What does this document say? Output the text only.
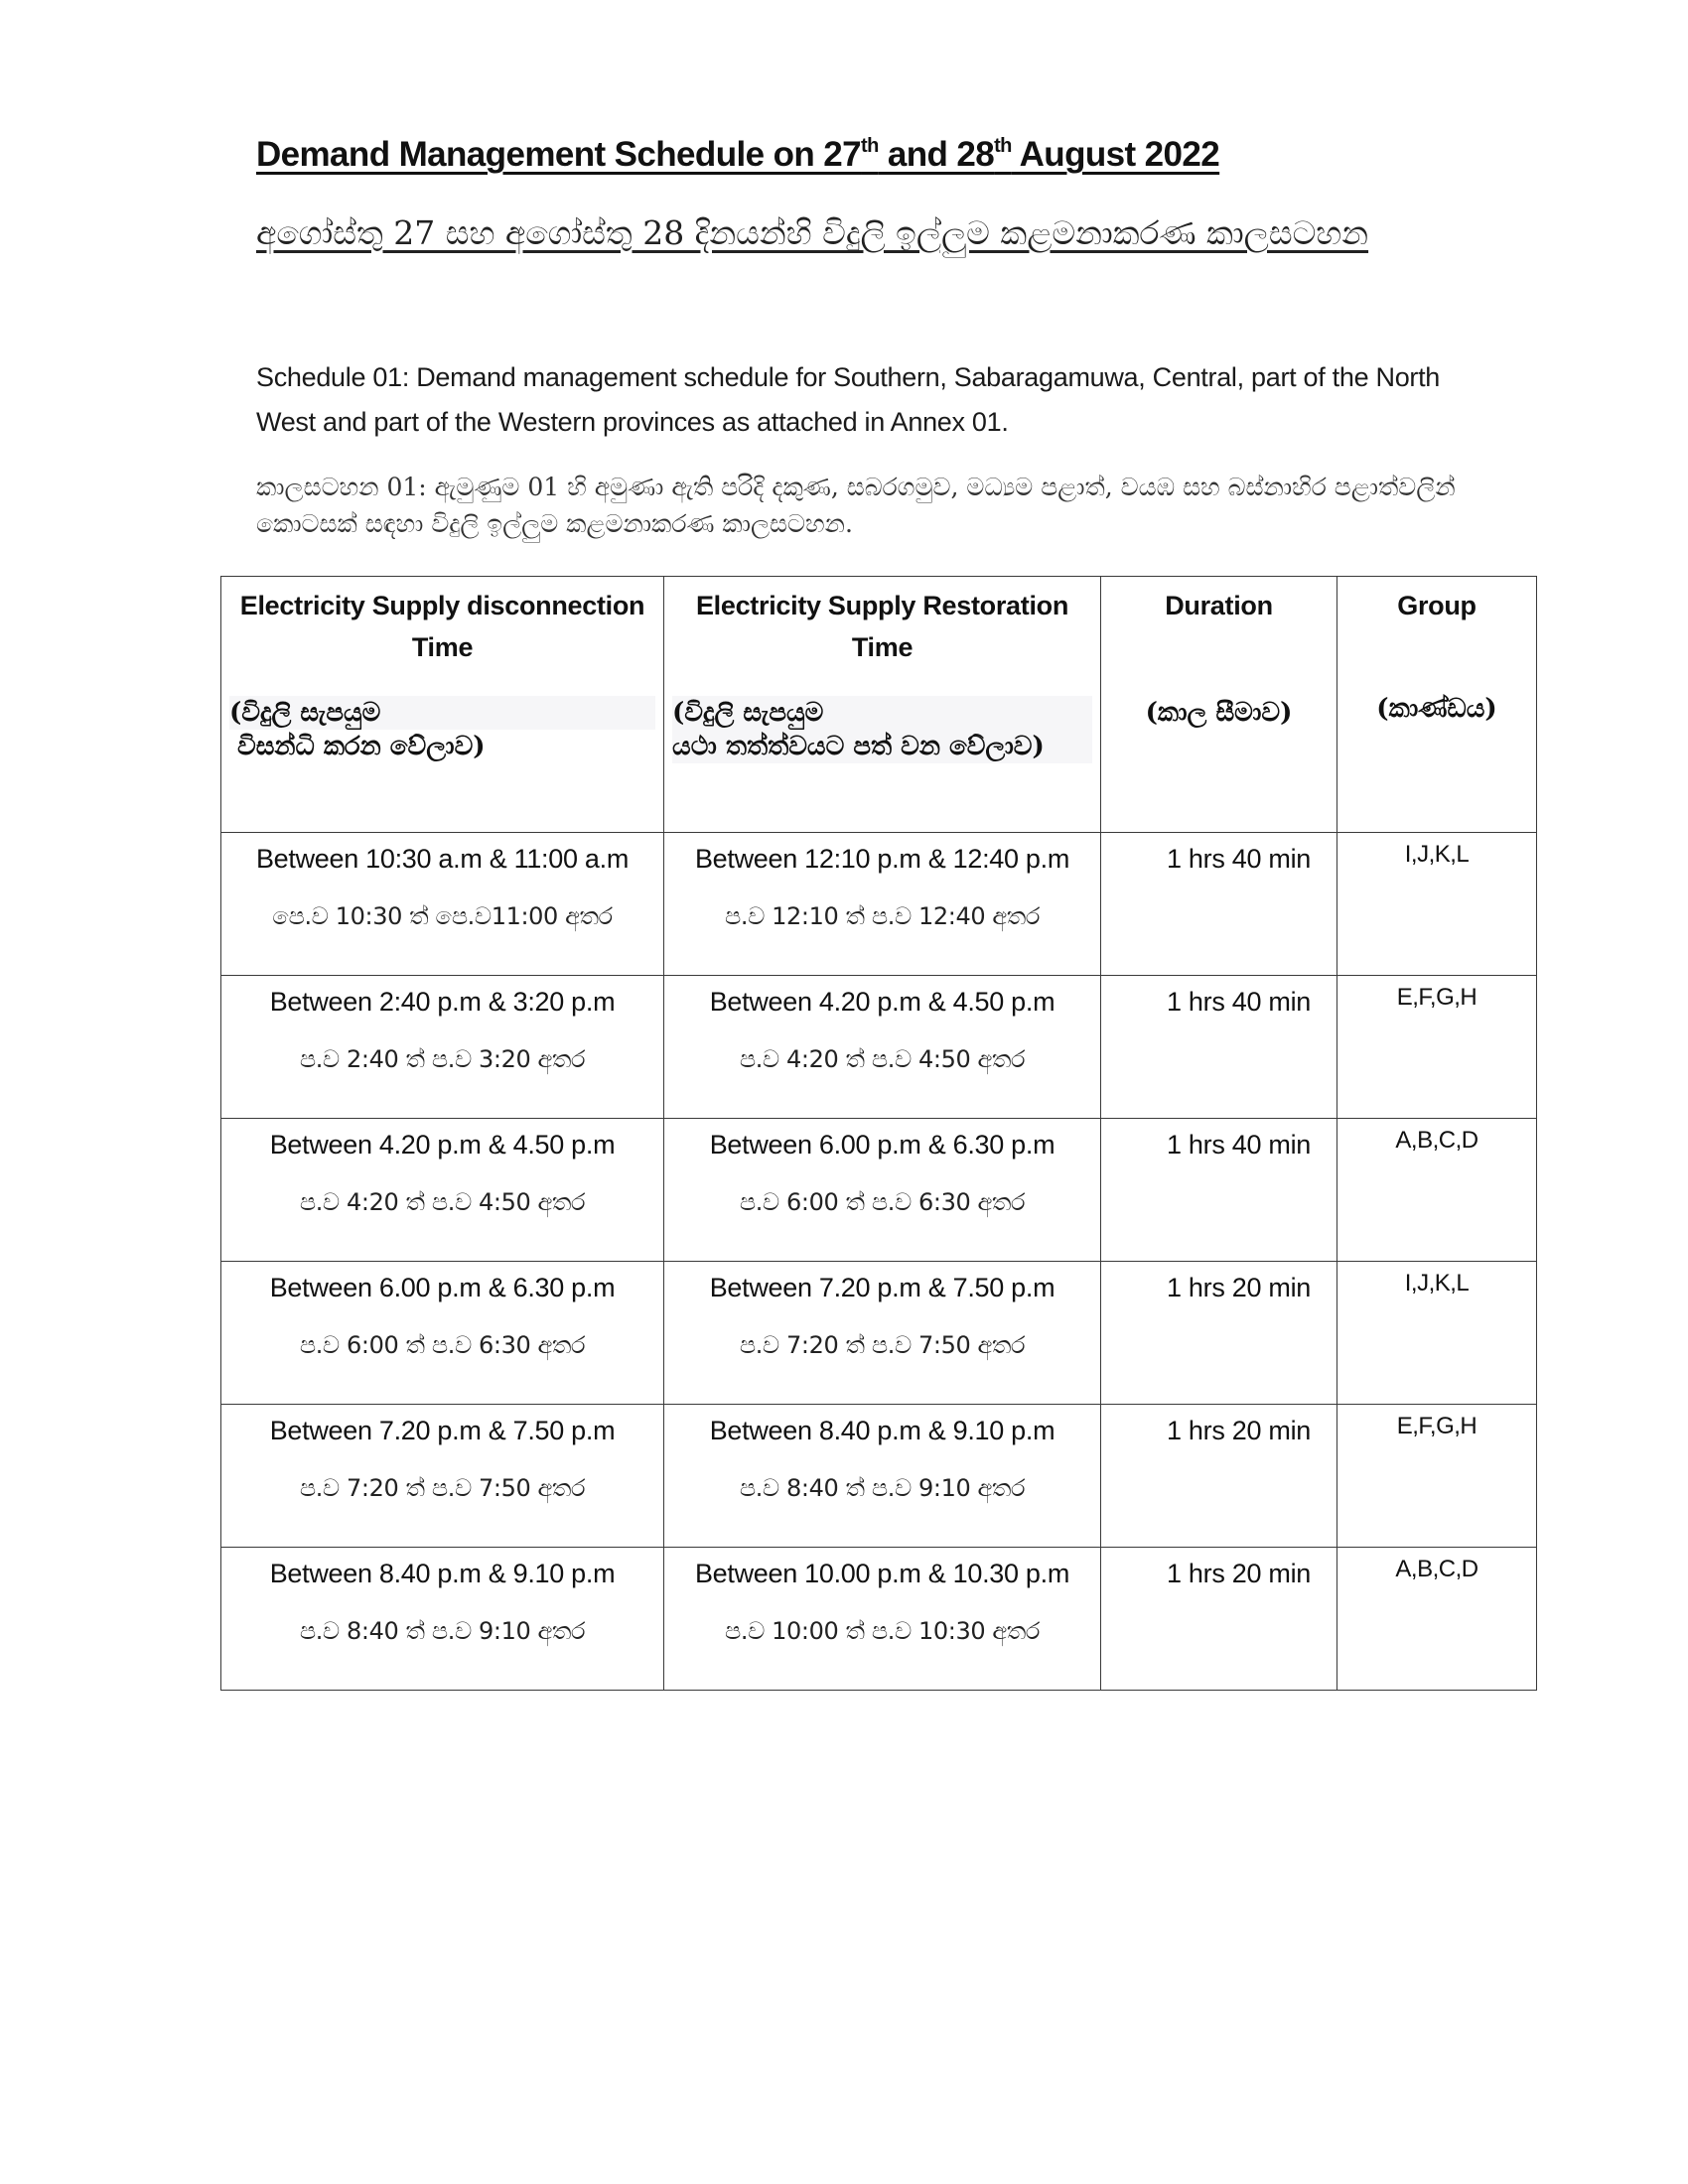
Demand Management Schedule on 27th and 28th August 2022
අගෝස්තු 27 සහ අගෝස්තු 28 දිනයන්හි විදුලි ඉල්ලුම කළමනාකරණ කාලසටහන
Schedule 01: Demand management schedule for Southern, Sabaragamuwa, Central, part of the North West and part of the Western provinces as attached in Annex 01.
කාලසටහන 01: ඇමුණුම 01 හි අමුණා ඇති පරිදි දකුණ, සබරගමුව, මධ්‍යම පළාත්, වයඹ සහ බස්නාහිර පළාත්වලින් කොටසක් සඳහා විදුලි ඉල්ලුම කළමනාකරණ කාලසටහන.
Electricity Supply disconnection Time
(විදුලි සැපයුම
විසන්ධි කරන වේලාව)	Electricity Supply Restoration Time
(විදුලි සැපයුම
යථා තත්ත්වයට පත් වන වේලාව)	Duration
(කාල සීමාව)	Group
(කාණ්ඩය)

Between 10:30 a.m & 11:00 a.m
පෙ.ව 10:30 ත් පෙ.ව11:00 අතර	Between 12:10 p.m & 12:40 p.m
ප.ව 12:10 ත් ප.ව 12:40 අතර	1 hrs 40 min	I,J,K,L

Between 2:40 p.m & 3:20 p.m
ප.ව 2:40 ත් ප.ව 3:20 අතර	Between 4.20 p.m & 4.50 p.m
ප.ව 4:20 ත් ප.ව 4:50 අතර	1 hrs 40 min	E,F,G,H

Between 4.20 p.m & 4.50 p.m
ප.ව 4:20 ත් ප.ව 4:50 අතර	Between 6.00 p.m & 6.30 p.m
ප.ව 6:00 ත් ප.ව 6:30 අතර	1 hrs 40 min	A,B,C,D

Between 6.00 p.m & 6.30 p.m
ප.ව 6:00 ත් ප.ව 6:30 අතර	Between 7.20 p.m & 7.50 p.m
ප.ව 7:20 ත් ප.ව 7:50 අතර	1 hrs 20 min	I,J,K,L

Between 7.20 p.m & 7.50 p.m
ප.ව 7:20 ත් ප.ව 7:50 අතර	Between 8.40 p.m & 9.10 p.m
ප.ව 8:40 ත් ප.ව 9:10 අතර	1 hrs 20 min	E,F,G,H

Between 8.40 p.m & 9.10 p.m
ප.ව 8:40 ත් ප.ව 9:10 අතර	Between 10.00 p.m & 10.30 p.m
ප.ව 10:00 ත් ප.ව 10:30 අතර	1 hrs 20 min	A,B,C,D
